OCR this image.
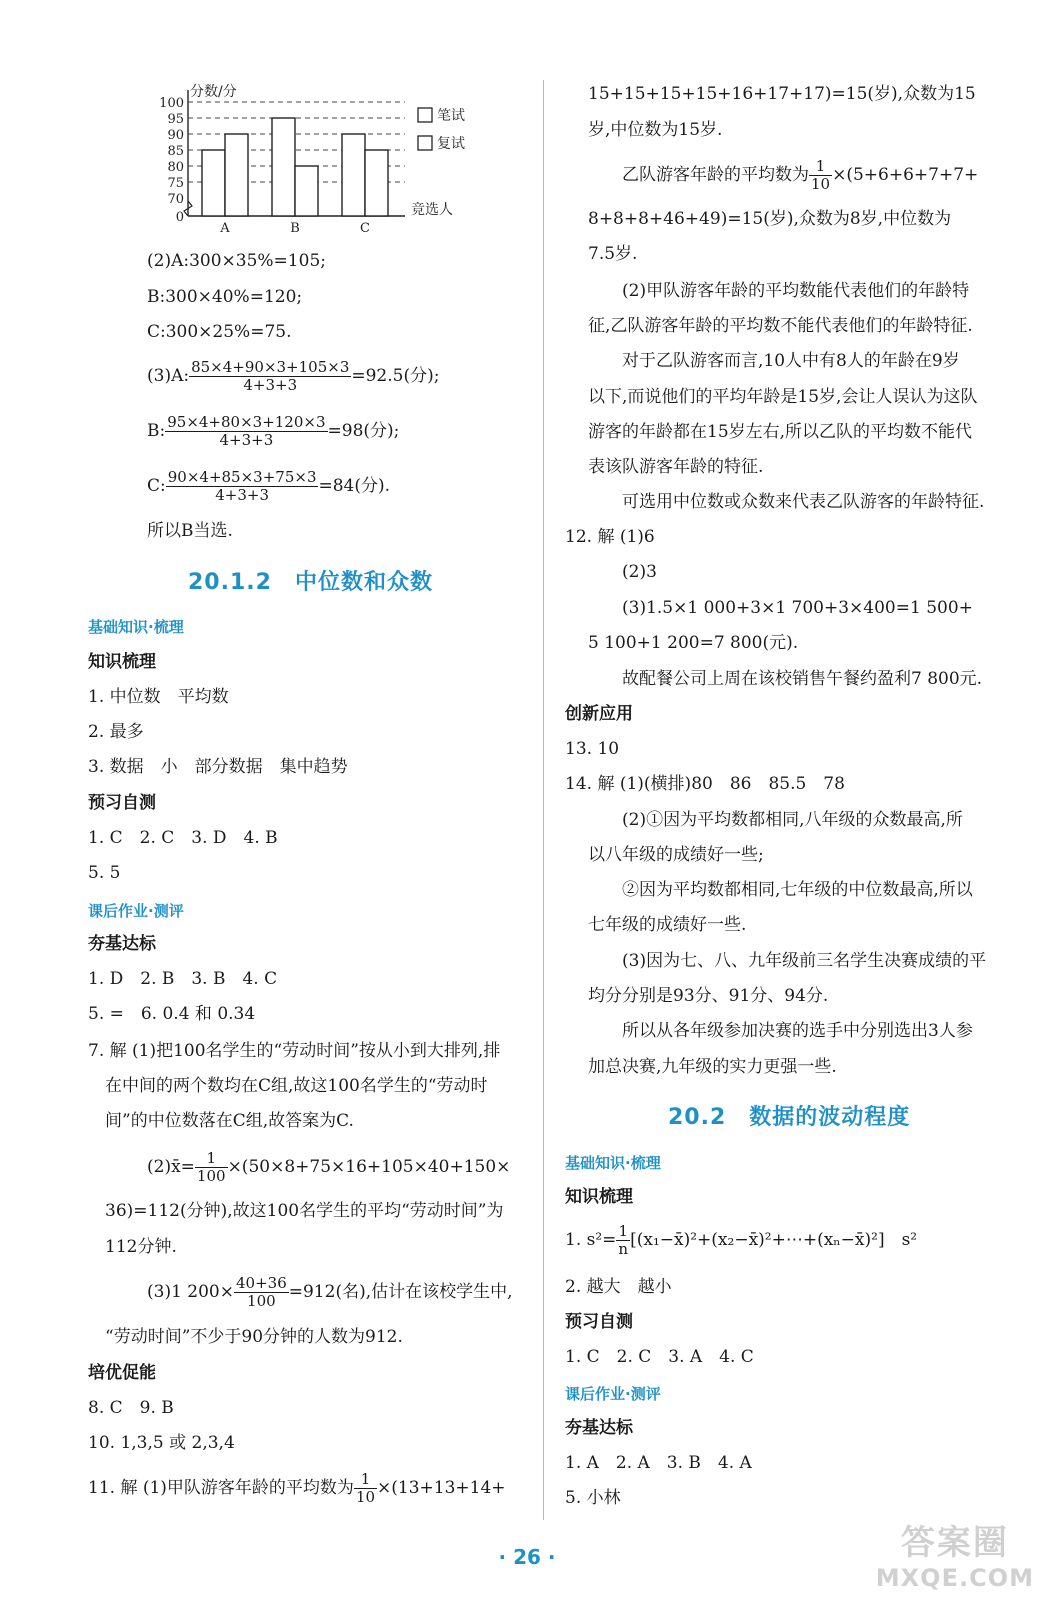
0
70
75
80
85
90
95
100
分数/分
竞选人
A	B	C
笔试
复试
(2)A:300×35%=105;
B:300×40%=120;
C:300×25%=75.
(3)A: $\frac{85\times 4+90\times 3+105\times 3}{4+3+3} =92.5$(分);
B: $\frac{95\times 4+80\times 3+120\times 3}{4+3+3} =98$(分);
C: $\frac{90\times 4+85\times 3+75\times 3}{4+3+3} =84$(分).
所以B当选.
20.1.2　中位数和众数
基础知识·梳理
知识梳理
1. 中位数　平均数
2. 最多
3. 数据　小　部分数据　集中趋势
预习自测
1. C　2. C　3. D　4. B
5. 5
课后作业·测评
夯基达标
1. D　2. B　3. B　4. C
5. =　6. 0.4 和 0.34
7. 解 (1)把100名学生的“劳动时间”按从小到大排列,排
在中间的两个数均在C组,故这100名学生的“劳动时
间”的中位数落在C组,故答案为C.
(2)x̄= $\frac{1}{100} \times(50\times 8+75\times 16+105\times 40+150\times$
36)=112(分钟),故这100名学生的平均“劳动时间”为
112分钟.
(3)1 $200\times \frac{40+36}{100} =912$(名),估计在该校学生中,
“劳动时间”不少于90分钟的人数为912.
培优促能
8. C　9. B
10. 1,3,5 或 2,3,4
11. 解 (1)甲队游客年龄的平均数为 $\frac{1}{10} \times(13+13+14+$
15+15+15+15+16+17+17)=15(岁),众数为15
岁,中位数为15岁.
乙队游客年龄的平均数为 $\frac{1}{10} \times(5+6+6+7+7+$
8+8+8+46+49)=15(岁),众数为8岁,中位数为
7.5岁.
(2)甲队游客年龄的平均数能代表他们的年龄特
征,乙队游客年龄的平均数不能代表他们的年龄特征.
对于乙队游客而言,10人中有8人的年龄在9岁
以下,而说他们的平均年龄是15岁,会让人误认为这队
游客的年龄都在15岁左右,所以乙队的平均数不能代
表该队游客年龄的特征.
可选用中位数或众数来代表乙队游客的年龄特征.
12. 解 (1)6
(2)3
(3)1.5×1 000+3×1 700+3×400=1 500+
5 100+1 200=7 800(元).
故配餐公司上周在该校销售午餐约盈利7 800元.
创新应用
13. 10
14. 解 (1)(横排)80　86　85.5　78
(2)①因为平均数都相同,八年级的众数最高,所
以八年级的成绩好一些;
②因为平均数都相同,七年级的中位数最高,所以
七年级的成绩好一些.
(3)因为七、八、九年级前三名学生决赛成绩的平
均分分别是93分、91分、94分.
所以从各年级参加决赛的选手中分别选出3人参
加总决赛,九年级的实力更强一些.
20.2　数据的波动程度
基础知识·梳理
知识梳理
1. $s^2= \frac{1}{n}$ [(x₁−x̄)²+(x₂−x̄)²+⋯+(xₙ−x̄)²]　s²
2. 越大　越小
预习自测
1. C　2. C　3. A　4. C
课后作业·测评
夯基达标
1. A　2. A　3. B　4. A
5. 小林
· 26 ·	答案圈
MXQE.COM
